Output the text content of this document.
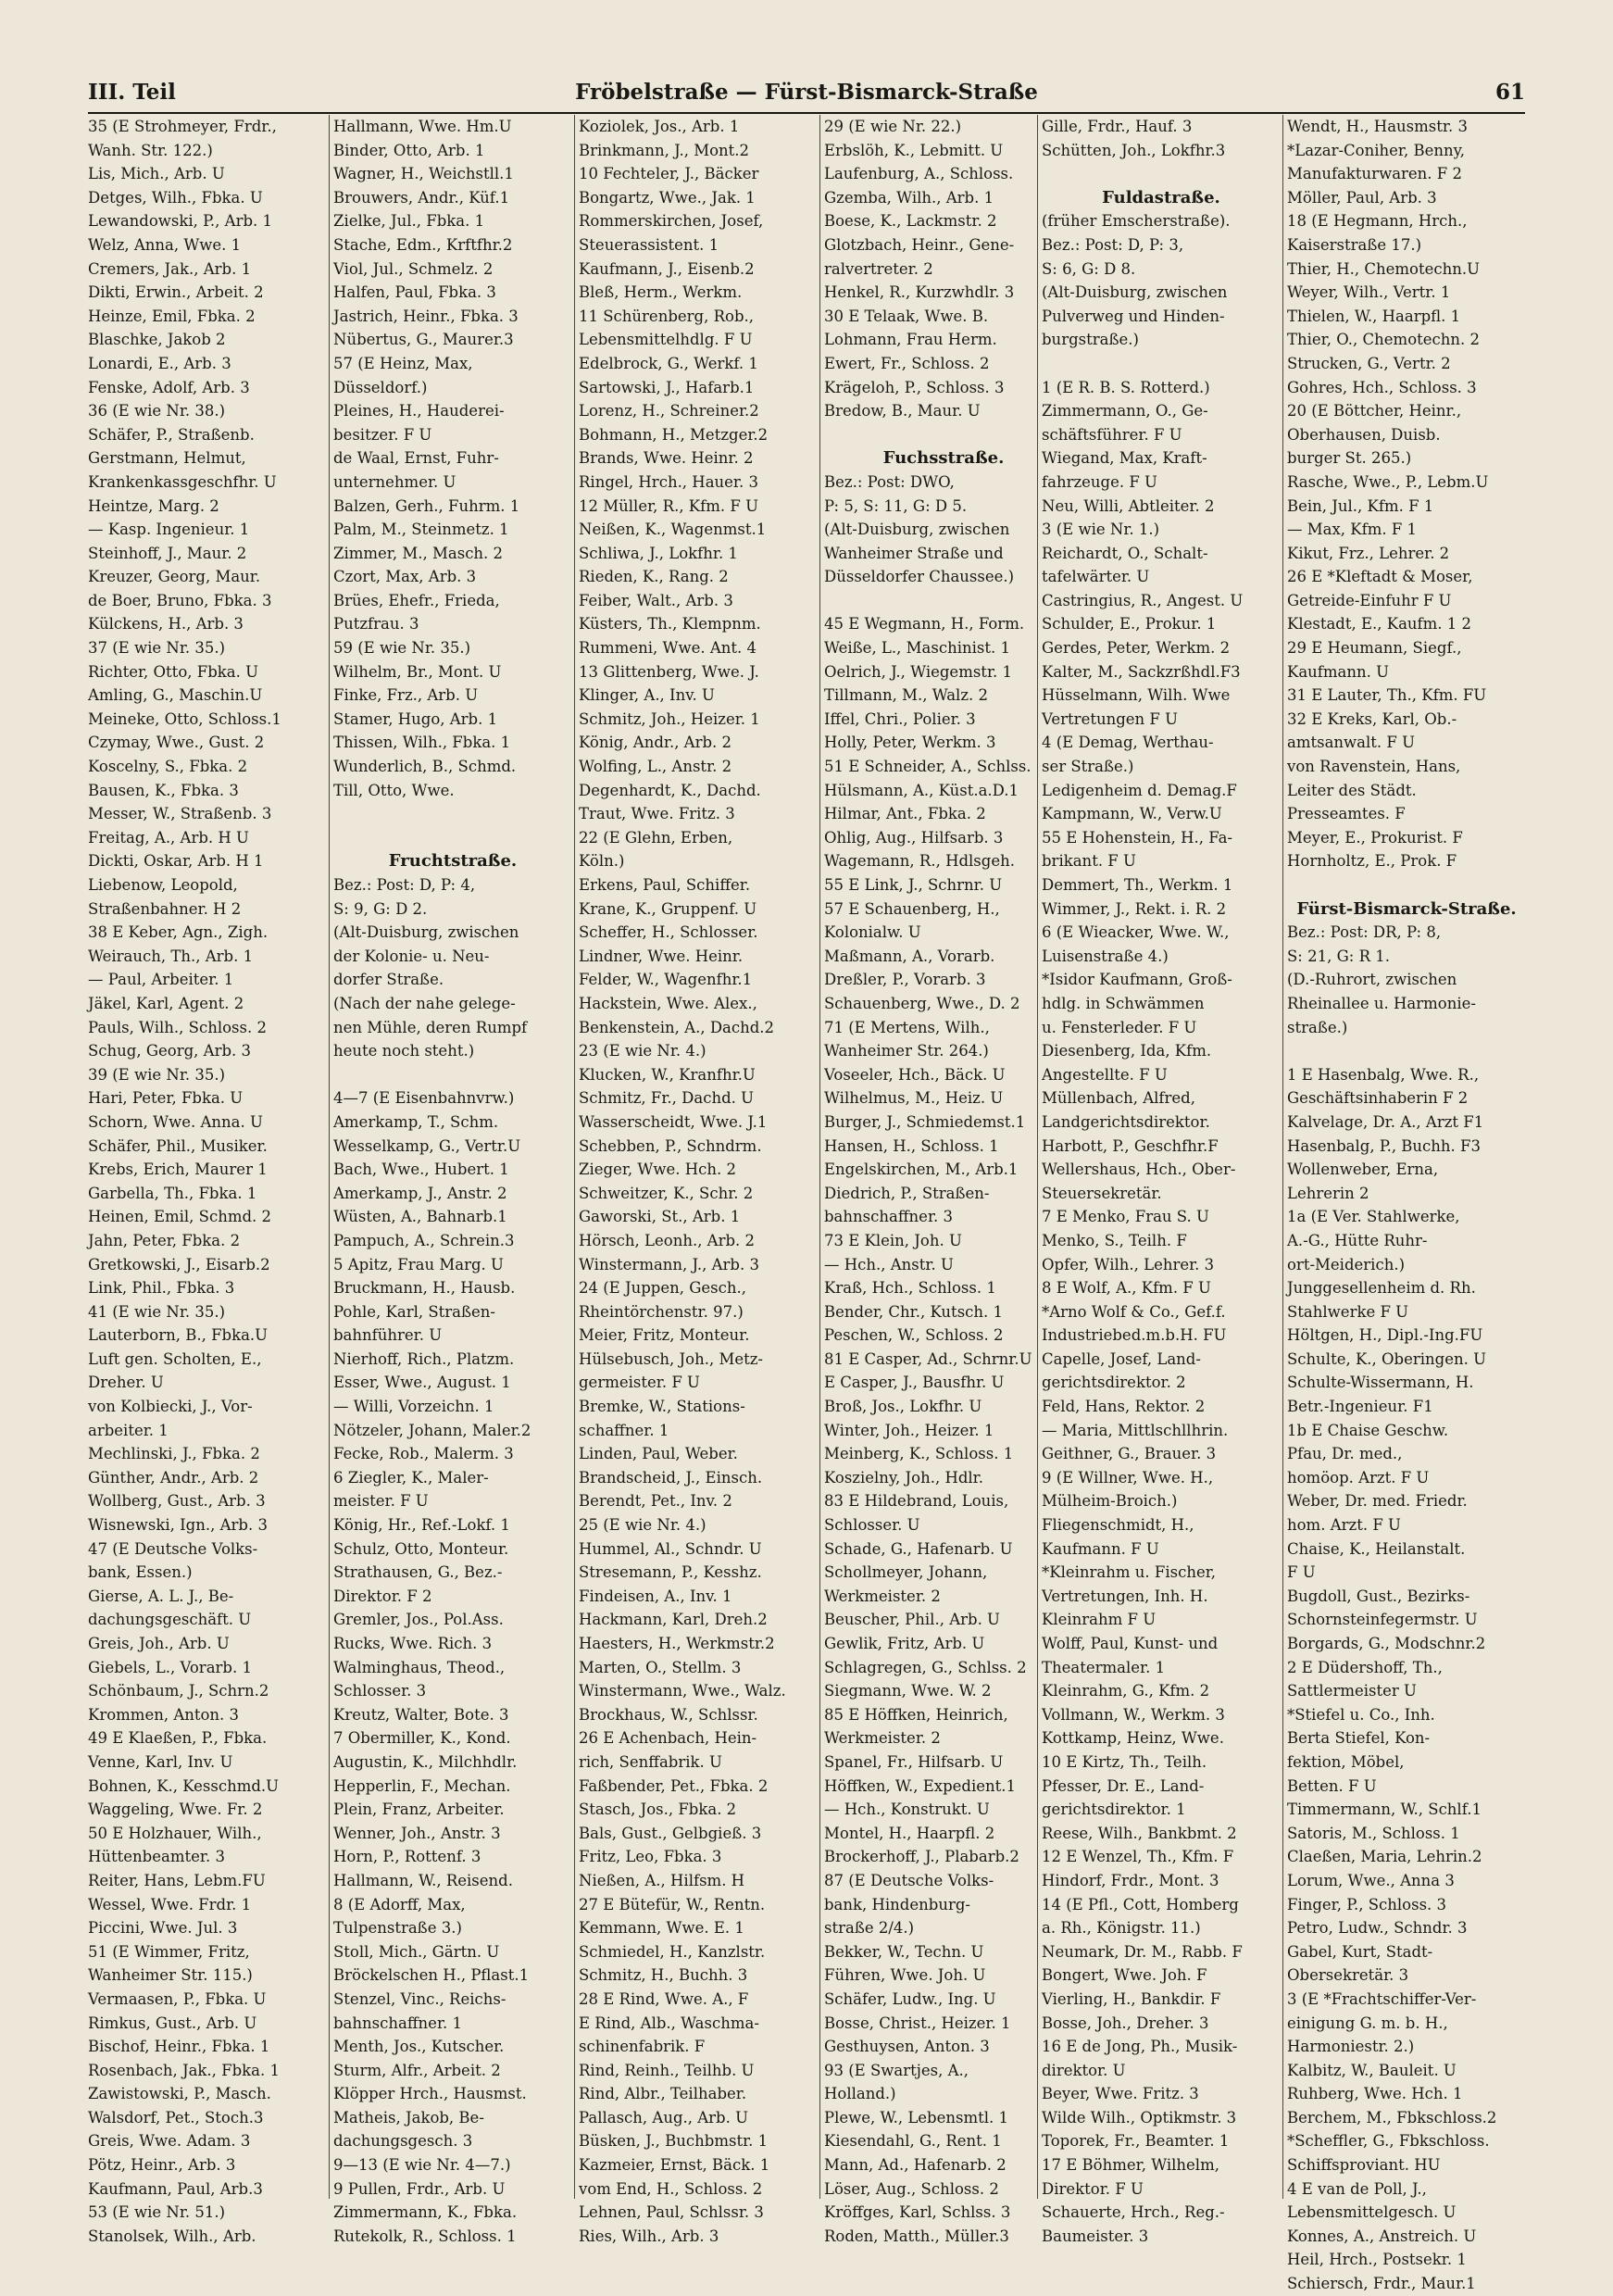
III. Teil	Fröbelstraße — Fürst-Bismarck-Straße	61
35 (E Strohmeyer, Frdr.,
Wanh. Str. 122.)
Lis, Mich., Arb. U
Detges, Wilh., Fbka. U
Lewandowski, P., Arb. 1
Welz, Anna, Wwe. 1
Cremers, Jak., Arb. 1
Dikti, Erwin., Arbeit. 2
Heinze, Emil, Fbka. 2
Blaschke, Jakob 2
Lonardi, E., Arb. 3
Fenske, Adolf, Arb. 3
36 (E wie Nr. 38.)
Schäfer, P., Straßenb.
Gerstmann, Helmut,
Krankenkassgeschfhr. U
Heintze, Marg. 2
— Kasp. Ingenieur. 1
Steinhoff, J., Maur. 2
Kreuzer, Georg, Maur.
de Boer, Bruno, Fbka. 3
Külckens, H., Arb. 3
37 (E wie Nr. 35.)
Richter, Otto, Fbka. U
Amling, G., Maschin.U
Meineke, Otto, Schloss.1
Czymay, Wwe., Gust. 2
Koscelny, S., Fbka. 2
Bausen, K., Fbka. 3
Messer, W., Straßenb. 3
Freitag, A., Arb. H U
Dickti, Oskar, Arb. H 1
Liebenow, Leopold,
Straßenbahner. H 2
38 E Keber, Agn., Zigh.
Weirauch, Th., Arb. 1
— Paul, Arbeiter. 1
Jäkel, Karl, Agent. 2
Pauls, Wilh., Schloss. 2
Schug, Georg, Arb. 3
39 (E wie Nr. 35.)
Hari, Peter, Fbka. U
Schorn, Wwe. Anna. U
Schäfer, Phil., Musiker.
Krebs, Erich, Maurer 1
Garbella, Th., Fbka. 1
Heinen, Emil, Schmd. 2
Jahn, Peter, Fbka. 2
Gretkowski, J., Eisarb.2
Link, Phil., Fbka. 3
41 (E wie Nr. 35.)
Lauterborn, B., Fbka.U
Luft gen. Scholten, E.,
Dreher. U
von Kolbiecki, J., Vor-
arbeiter. 1
Mechlinski, J., Fbka. 2
Günther, Andr., Arb. 2
Wollberg, Gust., Arb. 3
Wisnewski, Ign., Arb. 3
47 (E Deutsche Volks-
bank, Essen.)
Gierse, A. L. J., Be-
dachungsgeschäft. U
Greis, Joh., Arb. U
Giebels, L., Vorarb. 1
Schönbaum, J., Schrn.2
Krommen, Anton. 3
49 E Klaeßen, P., Fbka.
Venne, Karl, Inv. U
Bohnen, K., Kesschmd.U
Waggeling, Wwe. Fr. 2
50 E Holzhauer, Wilh.,
Hüttenbeamter. 3
Reiter, Hans, Lebm.FU
Wessel, Wwe. Frdr. 1
Piccini, Wwe. Jul. 3
51 (E Wimmer, Fritz,
Wanheimer Str. 115.)
Vermaasen, P., Fbka. U
Rimkus, Gust., Arb. U
Bischof, Heinr., Fbka. 1
Rosenbach, Jak., Fbka. 1
Zawistowski, P., Masch.
Walsdorf, Pet., Stoch.3
Greis, Wwe. Adam. 3
Pötz, Heinr., Arb. 3
Kaufmann, Paul, Arb.3
53 (E wie Nr. 51.)
Stanolsek, Wilh., Arb.
Hallmann, Wwe. Hm.U
Binder, Otto, Arb. 1
Wagner, H., Weichstll.1
Brouwers, Andr., Küf.1
Zielke, Jul., Fbka. 1
Stache, Edm., Krftfhr.2
Viol, Jul., Schmelz. 2
Halfen, Paul, Fbka. 3
Jastrich, Heinr., Fbka. 3
Nübertus, G., Maurer.3
57 (E Heinz, Max,
Düsseldorf.)
Pleines, H., Hauderei-
besitzer. F U
de Waal, Ernst, Fuhr-
unternehmer. U
Balzen, Gerh., Fuhrm. 1
Palm, M., Steinmetz. 1
Zimmer, M., Masch. 2
Czort, Max, Arb. 3
Brües, Ehefr., Frieda,
Putzfrau. 3
59 (E wie Nr. 35.)
Wilhelm, Br., Mont. U
Finke, Frz., Arb. U
Stamer, Hugo, Arb. 1
Thissen, Wilh., Fbka. 1
Wunderlich, B., Schmd.
Till, Otto, Wwe.

Fruchtstraße.
Bez.: Post: D, P: 4,
S: 9, G: D 2.
(Alt-Duisburg, zwischen
der Kolonie- u. Neu-
dorfer Straße.
(Nach der nahe gelege-
nen Mühle, deren Rumpf
heute noch steht.)

4—7 (E Eisenbahnvrw.)
Amerkamp, T., Schm.
Wesselkamp, G., Vertr.U
Bach, Wwe., Hubert. 1
Amerkamp, J., Anstr. 2
Wüsten, A., Bahnarb.1
Pampuch, A., Schrein.3
5 Apitz, Frau Marg. U
Bruckmann, H., Hausb.
Pohle, Karl, Straßen-
bahnführer. U
Nierhoff, Rich., Platzm.
Esser, Wwe., August. 1
— Willi, Vorzeichn. 1
Nötzeler, Johann, Maler.2
Fecke, Rob., Malerm. 3
6 Ziegler, K., Maler-
meister. F U
König, Hr., Ref.-Lokf. 1
Schulz, Otto, Monteur.
Strathausen, G., Bez.-
Direktor. F 2
Gremler, Jos., Pol.Ass.
Rucks, Wwe. Rich. 3
Walminghaus, Theod.,
Schlosser. 3
Kreutz, Walter, Bote. 3
7 Obermiller, K., Kond.
Augustin, K., Milchhdlr.
Hepperlin, F., Mechan.
Plein, Franz, Arbeiter.
Wenner, Joh., Anstr. 3
Horn, P., Rottenf. 3
Hallmann, W., Reisend.
8 (E Adorff, Max,
Tulpenstraße 3.)
Stoll, Mich., Gärtn. U
Bröckelschen H., Pflast.1
Stenzel, Vinc., Reichs-
bahnschaffner. 1
Menth, Jos., Kutscher.
Sturm, Alfr., Arbeit. 2
Klöpper Hrch., Hausmst.
Matheis, Jakob, Be-
dachungsgesch. 3
9—13 (E wie Nr. 4—7.)
9 Pullen, Frdr., Arb. U
Zimmermann, K., Fbka.
Rutekolk, R., Schloss. 1
Koziolek, Jos., Arb. 1
Brinkmann, J., Mont.2
10 Fechteler, J., Bäcker
Bongartz, Wwe., Jak. 1
Rommerskirchen, Josef,
Steuerassistent. 1
Kaufmann, J., Eisenb.2
Bleß, Herm., Werkm.
11 Schürenberg, Rob.,
Lebensmittelhdlg. F U
Edelbrock, G., Werkf. 1
Sartowski, J., Hafarb.1
Lorenz, H., Schreiner.2
Bohmann, H., Metzger.2
Brands, Wwe. Heinr. 2
Ringel, Hrch., Hauer. 3
12 Müller, R., Kfm. F U
Neißen, K., Wagenmst.1
Schliwa, J., Lokfhr. 1
Rieden, K., Rang. 2
Feiber, Walt., Arb. 3
Küsters, Th., Klempnm.
Rummeni, Wwe. Ant. 4
13 Glittenberg, Wwe. J.
Klinger, A., Inv. U
Schmitz, Joh., Heizer. 1
König, Andr., Arb. 2
Wolfing, L., Anstr. 2
Degenhardt, K., Dachd.
Traut, Wwe. Fritz. 3
22 (E Glehn, Erben,
Köln.)
Erkens, Paul, Schiffer.
Krane, K., Gruppenf. U
Scheffer, H., Schlosser.
Lindner, Wwe. Heinr.
Felder, W., Wagenfhr.1
Hackstein, Wwe. Alex.,
Benkenstein, A., Dachd.2
23 (E wie Nr. 4.)
Klucken, W., Kranfhr.U
Schmitz, Fr., Dachd. U
Wasserscheidt, Wwe. J.1
Schebben, P., Schndrm.
Zieger, Wwe. Hch. 2
Schweitzer, K., Schr. 2
Gaworski, St., Arb. 1
Hörsch, Leonh., Arb. 2
Winstermann, J., Arb. 3
24 (E Juppen, Gesch.,
Rheintörchenstr. 97.)
Meier, Fritz, Monteur.
Hülsebusch, Joh., Metz-
germeister. F U
Bremke, W., Stations-
schaffner. 1
Linden, Paul, Weber.
Brandscheid, J., Einsch.
Berendt, Pet., Inv. 2
25 (E wie Nr. 4.)
Hummel, Al., Schndr. U
Stresemann, P., Kesshz.
Findeisen, A., Inv. 1
Hackmann, Karl, Dreh.2
Haesters, H., Werkmstr.2
Marten, O., Stellm. 3
Winstermann, Wwe., Walz.
Brockhaus, W., Schlssr.
26 E Achenbach, Hein-
rich, Senffabrik. U
Faßbender, Pet., Fbka. 2
Stasch, Jos., Fbka. 2
Bals, Gust., Gelbgieß. 3
Fritz, Leo, Fbka. 3
Nießen, A., Hilfsm. H
27 E Bütefür, W., Rentn.
Kemmann, Wwe. E. 1
Schmiedel, H., Kanzlstr.
Schmitz, H., Buchh. 3
28 E Rind, Wwe. A., F
E Rind, Alb., Waschma-
schinenfabrik. F
Rind, Reinh., Teilhb. U
Rind, Albr., Teilhaber.
Pallasch, Aug., Arb. U
Büsken, J., Buchbmstr. 1
Kazmeier, Ernst, Bäck. 1
vom End, H., Schloss. 2
Lehnen, Paul, Schlssr. 3
Ries, Wilh., Arb. 3
29 (E wie Nr. 22.)
Erbslöh, K., Lebmitt. U
Laufenburg, A., Schloss.
Gzemba, Wilh., Arb. 1
Boese, K., Lackmstr. 2
Glotzbach, Heinr., Gene-
ralvertreter. 2
Henkel, R., Kurzwhdlr. 3
30 E Telaak, Wwe. B.
Lohmann, Frau Herm.
Ewert, Fr., Schloss. 2
Krägeloh, P., Schloss. 3
Bredow, B., Maur. U

Fuchsstraße.
Bez.: Post: DWO,
P: 5, S: 11, G: D 5.
(Alt-Duisburg, zwischen
Wanheimer Straße und
Düsseldorfer Chaussee.)

45 E Wegmann, H., Form.
Weiße, L., Maschinist. 1
Oelrich, J., Wiegemstr. 1
Tillmann, M., Walz. 2
Iffel, Chri., Polier. 3
Holly, Peter, Werkm. 3
51 E Schneider, A., Schlss.
Hülsmann, A., Küst.a.D.1
Hilmar, Ant., Fbka. 2
Ohlig, Aug., Hilfsarb. 3
Wagemann, R., Hdlsgeh.
55 E Link, J., Schrnr. U
57 E Schauenberg, H.,
Kolonialw. U
Maßmann, A., Vorarb.
Dreßler, P., Vorarb. 3
Schauenberg, Wwe., D. 2
71 (E Mertens, Wilh.,
Wanheimer Str. 264.)
Voseeler, Hch., Bäck. U
Wilhelmus, M., Heiz. U
Burger, J., Schmiedemst.1
Hansen, H., Schloss. 1
Engelskirchen, M., Arb.1
Diedrich, P., Straßen-
bahnschaffner. 3
73 E Klein, Joh. U
— Hch., Anstr. U
Kraß, Hch., Schloss. 1
Bender, Chr., Kutsch. 1
Peschen, W., Schloss. 2
81 E Casper, Ad., Schrnr.U
E Casper, J., Bausfhr. U
Broß, Jos., Lokfhr. U
Winter, Joh., Heizer. 1
Meinberg, K., Schloss. 1
Koszielny, Joh., Hdlr.
83 E Hildebrand, Louis,
Schlosser. U
Schade, G., Hafenarb. U
Schollmeyer, Johann,
Werkmeister. 2
Beuscher, Phil., Arb. U
Gewlik, Fritz, Arb. U
Schlagregen, G., Schlss. 2
Siegmann, Wwe. W. 2
85 E Höffken, Heinrich,
Werkmeister. 2
Spanel, Fr., Hilfsarb. U
Höffken, W., Expedient.1
— Hch., Konstrukt. U
Montel, H., Haarpfl. 2
Brockerhoff, J., Plabarb.2
87 (E Deutsche Volks-
bank, Hindenburg-
straße 2/4.)
Bekker, W., Techn. U
Führen, Wwe. Joh. U
Schäfer, Ludw., Ing. U
Bosse, Christ., Heizer. 1
Gesthuysen, Anton. 3
93 (E Swartjes, A.,
Holland.)
Plewe, W., Lebensmtl. 1
Kiesendahl, G., Rent. 1
Mann, Ad., Hafenarb. 2
Löser, Aug., Schloss. 2
Kröffges, Karl, Schlss. 3
Roden, Matth., Müller.3
Gille, Frdr., Hauf. 3
Schütten, Joh., Lokfhr.3

Fuldastraße.
(früher Emscherstraße).
Bez.: Post: D, P: 3,
S: 6, G: D 8.
(Alt-Duisburg, zwischen
Pulverweg und Hinden-
burgstraße.)

1 (E R. B. S. Rotterd.)
Zimmermann, O., Ge-
schäftsführer. F U
Wiegand, Max, Kraft-
fahrzeuge. F U
Neu, Willi, Abtleiter. 2
3 (E wie Nr. 1.)
Reichardt, O., Schalt-
tafelwärter. U
Castringius, R., Angest. U
Schulder, E., Prokur. 1
Gerdes, Peter, Werkm. 2
Kalter, M., Sackzrßhdl.F3
Hüsselmann, Wilh. Wwe
Vertretungen F U
4 (E Demag, Werthau-
ser Straße.)
Ledigenheim d. Demag.F
Kampmann, W., Verw.U
55 E Hohenstein, H., Fa-
brikant. F U
Demmert, Th., Werkm. 1
Wimmer, J., Rekt. i. R. 2
6 (E Wieacker, Wwe. W.,
Luisenstraße 4.)
*Isidor Kaufmann, Groß-
hdlg. in Schwämmen
u. Fensterleder. F U
Diesenberg, Ida, Kfm.
Angestellte. F U
Müllenbach, Alfred,
Landgerichtsdirektor.
Harbott, P., Geschfhr.F
Wellershaus, Hch., Ober-
Steuersekretär.
7 E Menko, Frau S. U
Menko, S., Teilh. F
Opfer, Wilh., Lehrer. 3
8 E Wolf, A., Kfm. F U
*Arno Wolf & Co., Gef.f.
Industriebed.m.b.H. FU
Capelle, Josef, Land-
gerichtsdirektor. 2
Feld, Hans, Rektor. 2
— Maria, Mittlschllhrin.
Geithner, G., Brauer. 3
9 (E Willner, Wwe. H.,
Mülheim-Broich.)
Fliegenschmidt, H.,
Kaufmann. F U
*Kleinrahm u. Fischer,
Vertretungen, Inh. H.
Kleinrahm F U
Wolff, Paul, Kunst- und
Theatermaler. 1
Kleinrahm, G., Kfm. 2
Vollmann, W., Werkm. 3
Kottkamp, Heinz, Wwe.
10 E Kirtz, Th., Teilh.
Pfesser, Dr. E., Land-
gerichtsdirektor. 1
Reese, Wilh., Bankbmt. 2
12 E Wenzel, Th., Kfm. F
Hindorf, Frdr., Mont. 3
14 (E Pfl., Cott, Homberg
a. Rh., Königstr. 11.)
Neumark, Dr. M., Rabb. F
Bongert, Wwe. Joh. F
Vierling, H., Bankdir. F
Bosse, Joh., Dreher. 3
16 E de Jong, Ph., Musik-
direktor. U
Beyer, Wwe. Fritz. 3
Wilde Wilh., Optikmstr. 3
Toporek, Fr., Beamter. 1
17 E Böhmer, Wilhelm,
Direktor. F U
Schauerte, Hrch., Reg.-
Baumeister. 3
Wendt, H., Hausmstr. 3
*Lazar-Coniher, Benny,
Manufakturwaren. F 2
Möller, Paul, Arb. 3
18 (E Hegmann, Hrch.,
Kaiserstraße 17.)
Thier, H., Chemotechn.U
Weyer, Wilh., Vertr. 1
Thielen, W., Haarpfl. 1
Thier, O., Chemotechn. 2
Strucken, G., Vertr. 2
Gohres, Hch., Schloss. 3
20 (E Böttcher, Heinr.,
Oberhausen, Duisb.
burger St. 265.)
Rasche, Wwe., P., Lebm.U
Bein, Jul., Kfm. F 1
— Max, Kfm. F 1
Kikut, Frz., Lehrer. 2
26 E *Kleftadt & Moser,
Getreide-Einfuhr F U
Klestadt, E., Kaufm. 1 2
29 E Heumann, Siegf.,
Kaufmann. U
31 E Lauter, Th., Kfm. FU
32 E Kreks, Karl, Ob.-
amtsanwalt. F U
von Ravenstein, Hans,
Leiter des Städt.
Presseamtes. F
Meyer, E., Prokurist. F
Hornholtz, E., Prok. F

Fürst-Bismarck-Straße.
Bez.: Post: DR, P: 8,
S: 21, G: R 1.
(D.-Ruhrort, zwischen
Rheinallee u. Harmonie-
straße.)

1 E Hasenbalg, Wwe. R.,
Geschäftsinhaberin F 2
Kalvelage, Dr. A., Arzt F1
Hasenbalg, P., Buchh. F3
Wollenweber, Erna,
Lehrerin 2
1a (E Ver. Stahlwerke,
A.-G., Hütte Ruhr-
ort-Meiderich.)
Junggesellenheim d. Rh.
Stahlwerke F U
Höltgen, H., Dipl.-Ing.FU
Schulte, K., Oberingen. U
Schulte-Wissermann, H.
Betr.-Ingenieur. F1
1b E Chaise Geschw.
Pfau, Dr. med.,
homöop. Arzt. F U
Weber, Dr. med. Friedr.
hom. Arzt. F U
Chaise, K., Heilanstalt.
F U
Bugdoll, Gust., Bezirks-
Schornsteinfegermstr. U
Borgards, G., Modschnr.2
2 E Düdershoff, Th.,
Sattlermeister U
*Stiefel u. Co., Inh.
Berta Stiefel, Kon-
fektion, Möbel,
Betten. F U
Timmermann, W., Schlf.1
Satoris, M., Schloss. 1
Claeßen, Maria, Lehrin.2
Lorum, Wwe., Anna 3
Finger, P., Schloss. 3
Petro, Ludw., Schndr. 3
Gabel, Kurt, Stadt-
Obersekretär. 3
3 (E *Frachtschiffer-Ver-
einigung G. m. b. H.,
Harmoniestr. 2.)
Kalbitz, W., Bauleit. U
Ruhberg, Wwe. Hch. 1
Berchem, M., Fbkschloss.2
*Scheffler, G., Fbkschloss.
Schiffsproviant. HU
4 E van de Poll, J.,
Lebensmittelgesch. U
Konnes, A., Anstreich. U
Heil, Hrch., Postsekr. 1
Schiersch, Frdr., Maur.1
